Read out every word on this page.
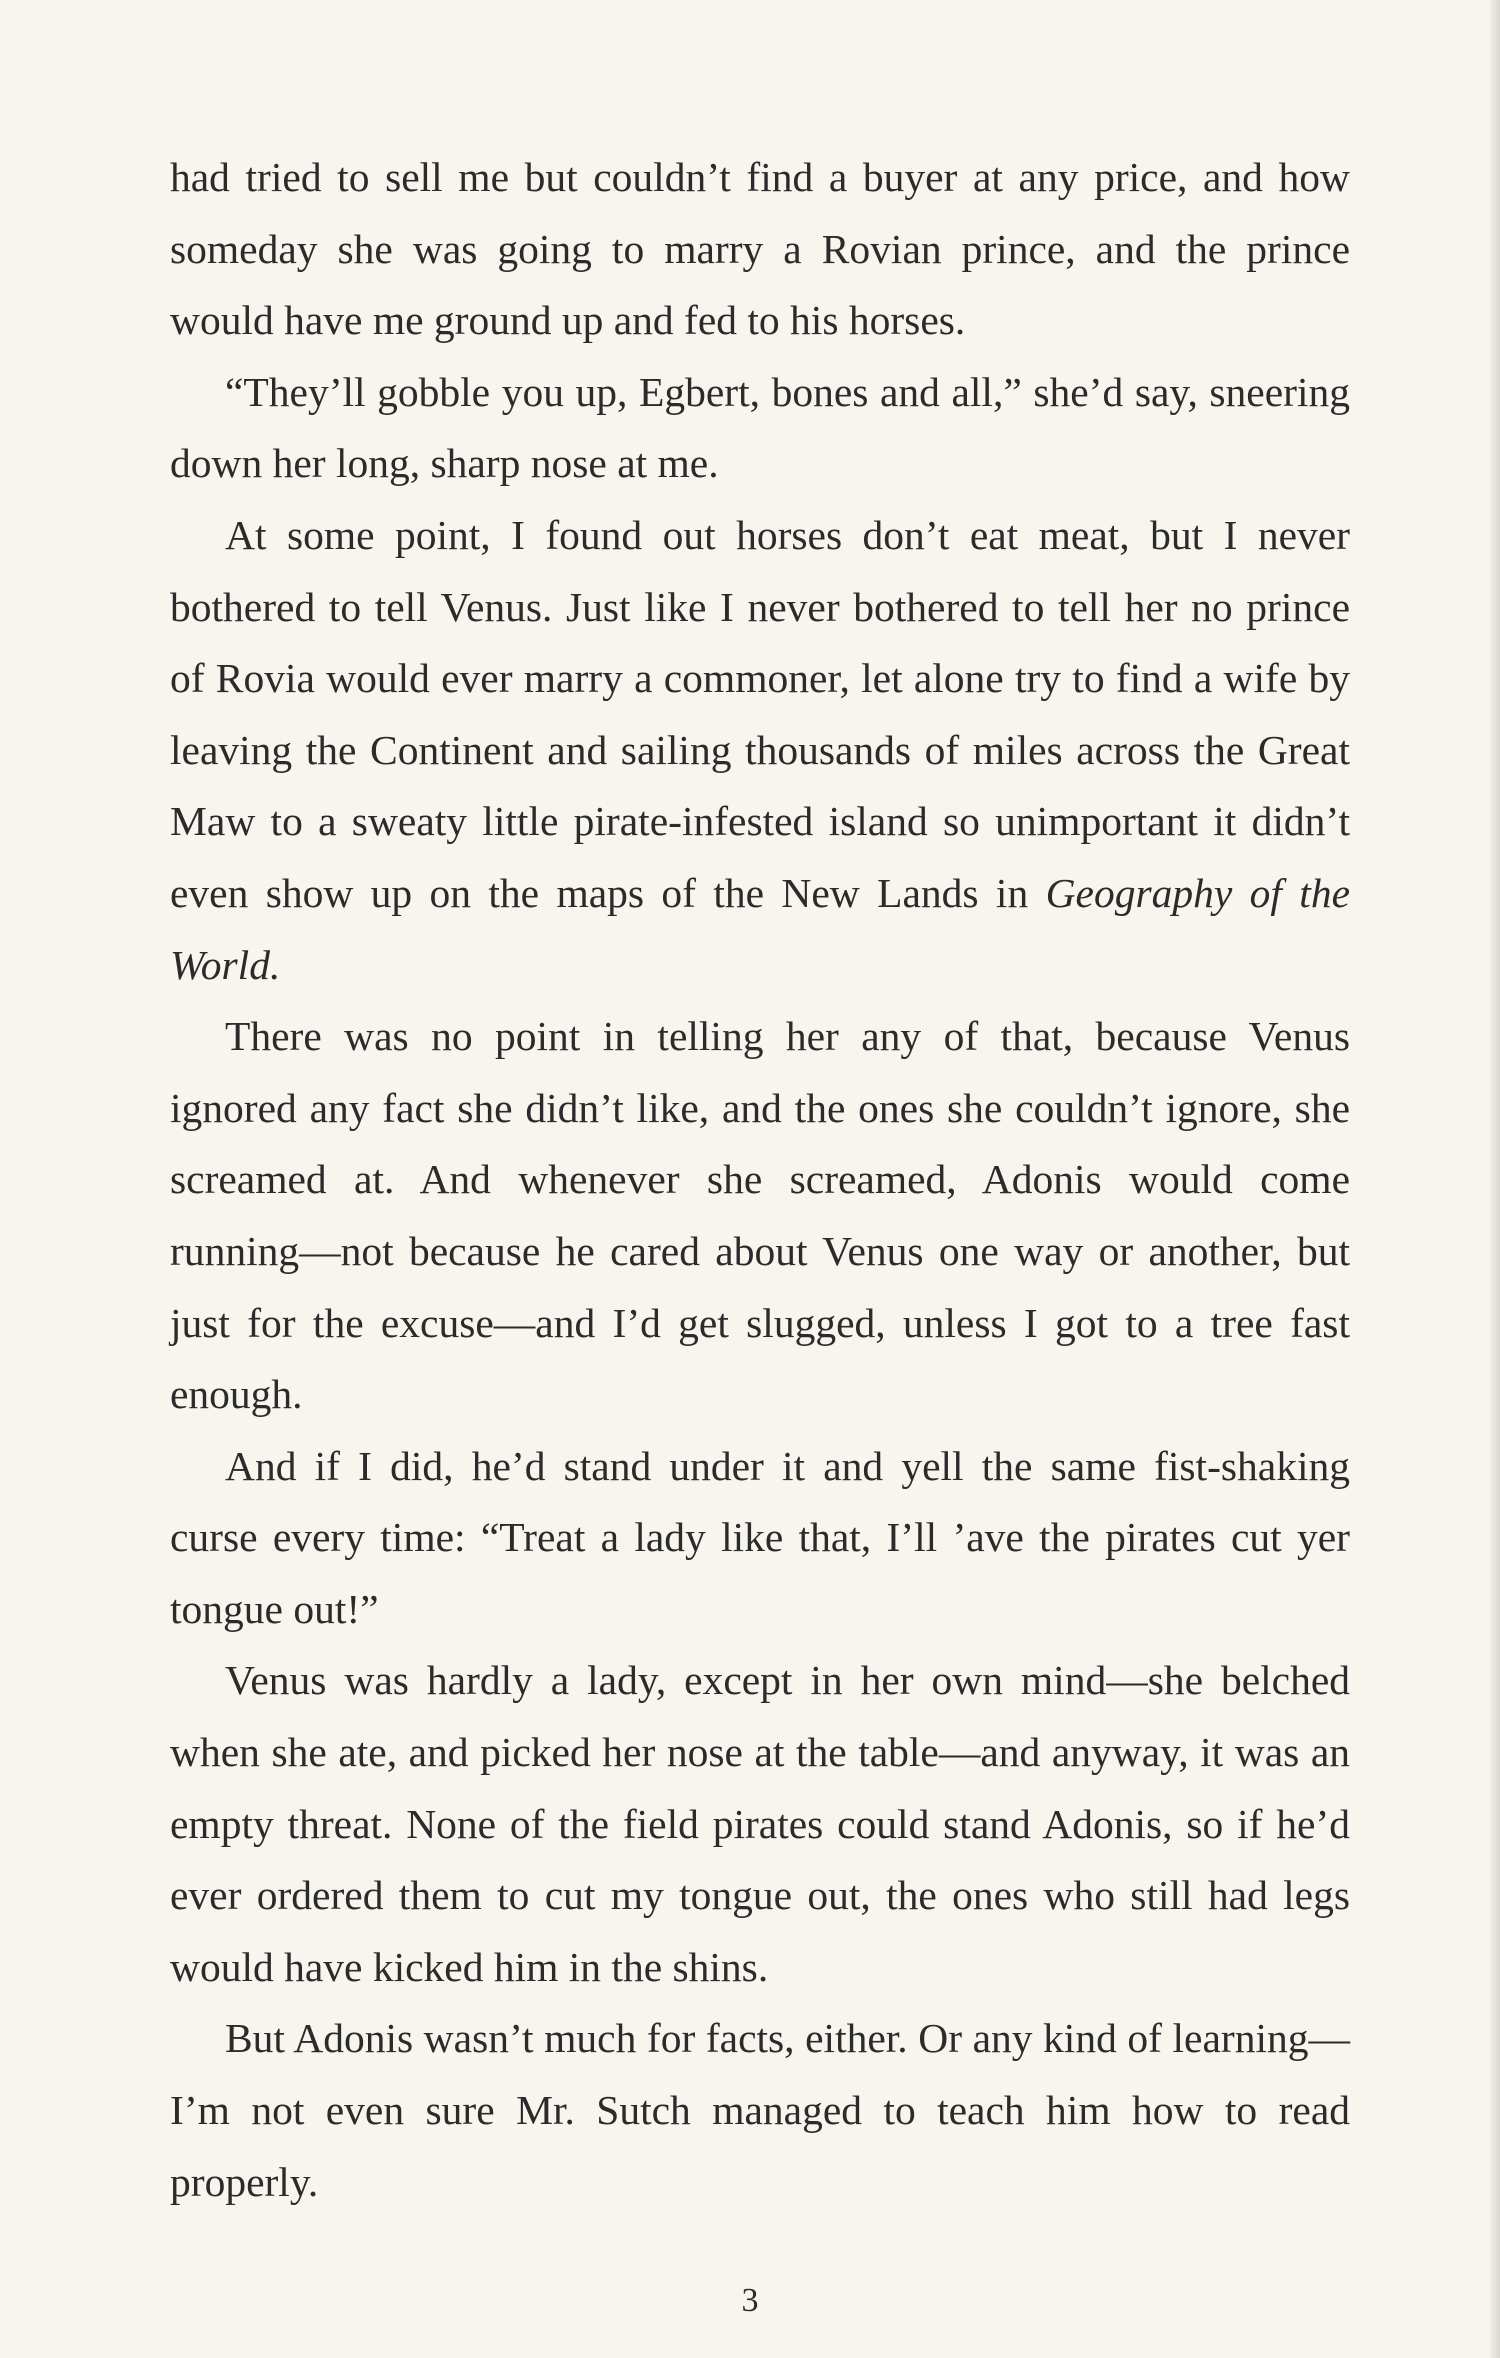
had tried to sell me but couldn’t find a buyer at any price, and how someday she was going to marry a Rovian prince, and the prince would have me ground up and fed to his horses.

“They’ll gobble you up, Egbert, bones and all,” she’d say, sneering down her long, sharp nose at me.

At some point, I found out horses don’t eat meat, but I never bothered to tell Venus. Just like I never bothered to tell her no prince of Rovia would ever marry a commoner, let alone try to find a wife by leaving the Continent and sailing thousands of miles across the Great Maw to a sweaty little pirate-infested island so unimportant it didn’t even show up on the maps of the New Lands in Geography of the World.

There was no point in telling her any of that, because Venus ignored any fact she didn’t like, and the ones she couldn’t ignore, she screamed at. And whenever she screamed, Adonis would come running—not because he cared about Venus one way or another, but just for the excuse—and I’d get slugged, unless I got to a tree fast enough.

And if I did, he’d stand under it and yell the same fist-shaking curse every time: “Treat a lady like that, I’ll ’ave the pirates cut yer tongue out!”

Venus was hardly a lady, except in her own mind—she belched when she ate, and picked her nose at the table—and anyway, it was an empty threat. None of the field pirates could stand Adonis, so if he’d ever ordered them to cut my tongue out, the ones who still had legs would have kicked him in the shins.

But Adonis wasn’t much for facts, either. Or any kind of learning—I’m not even sure Mr. Sutch managed to teach him how to read properly.

3
